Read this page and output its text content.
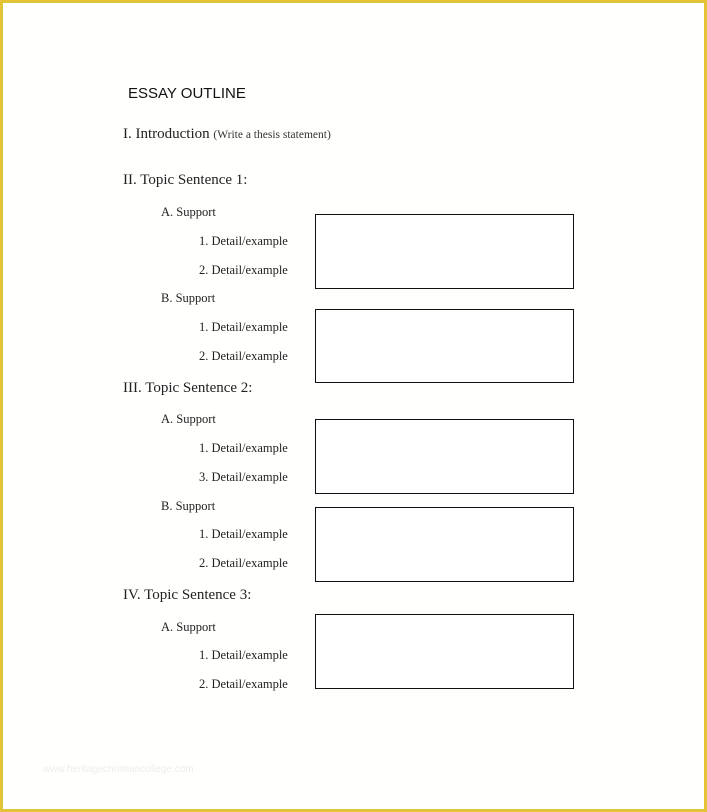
ESSAY OUTLINE
I. Introduction (Write a thesis statement)
II. Topic Sentence 1:
A. Support
1. Detail/example
2. Detail/example
B. Support
1. Detail/example
2. Detail/example
III. Topic Sentence 2:
A. Support
1. Detail/example
3. Detail/example
B. Support
1. Detail/example
2. Detail/example
IV. Topic Sentence 3:
A. Support
1. Detail/example
2. Detail/example
www.heritagechristiancollege.com
